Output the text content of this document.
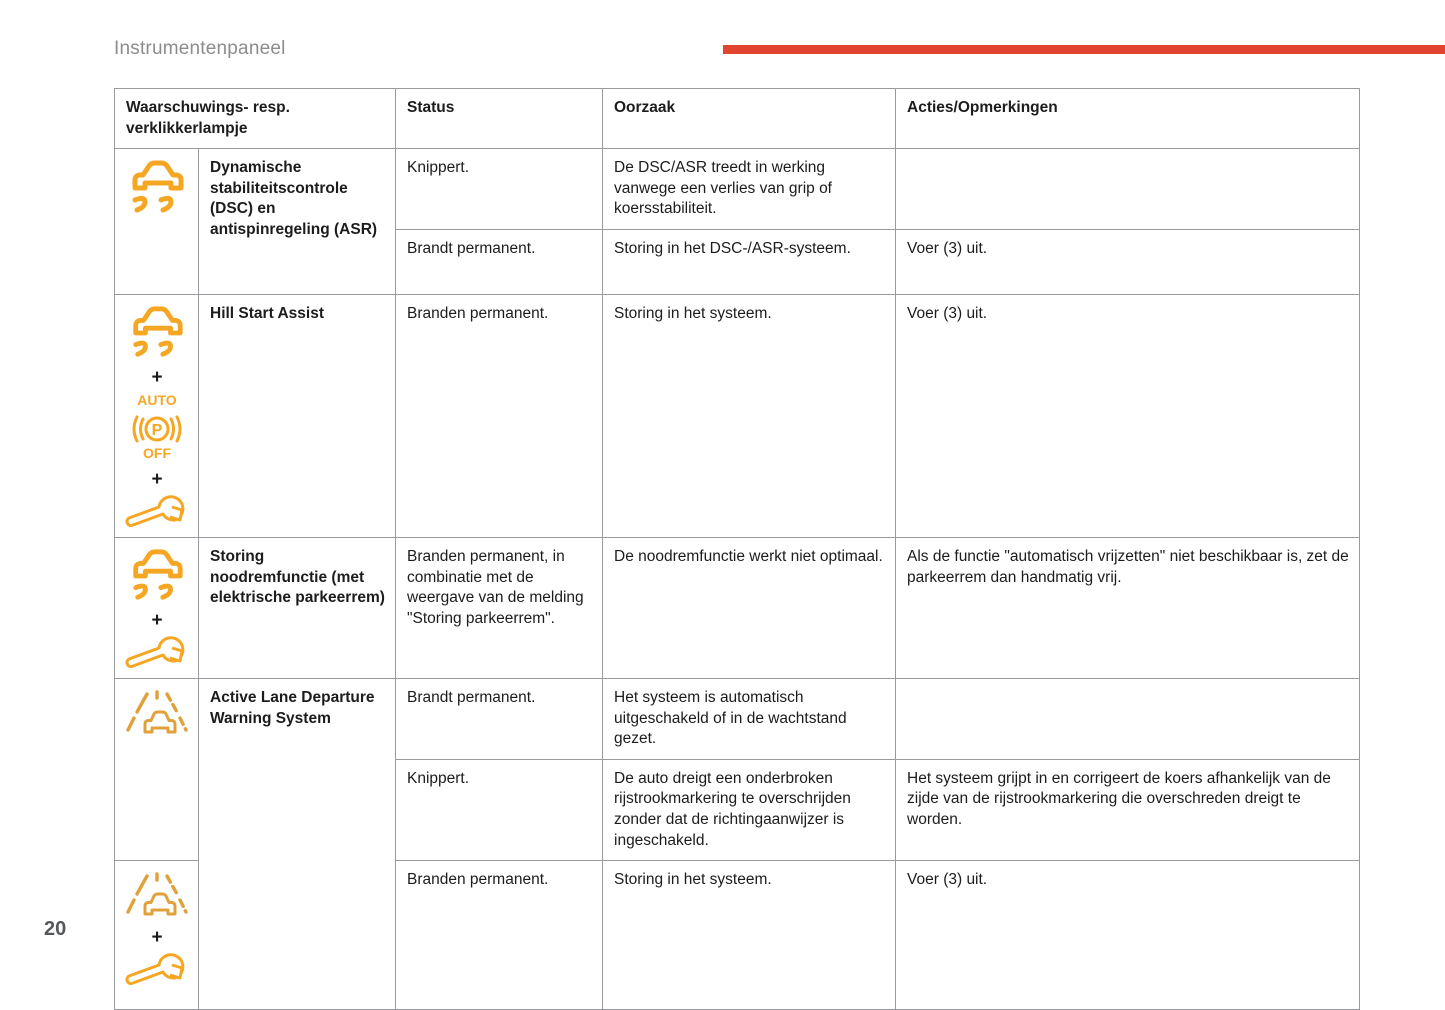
Instrumentenpaneel
Waarschuwings- resp. verklikkerlampje		Status	Oorzaak	Acties/Opmerkingen

	Dynamische stabiliteitscontrole (DSC) en antispinregeling (ASR)	Knippert.	De DSC/ASR treedt in werking vanwege een verlies van grip of koersstabiliteit.	
		Brandt permanent.	Storing in het DSC-/ASR-systeem.	Voer (3) uit.

+
AUTO
P
OFF
+	Hill Start Assist	Branden permanent.	Storing in het systeem.	Voer (3) uit.

+	Storing noodremfunctie (met elektrische parkeerrem)	Branden permanent, in combinatie met de weergave van de melding "Storing parkeerrem".	De noodremfunctie werkt niet optimaal.	Als de functie "automatisch vrijzetten" niet beschikbaar is, zet de parkeerrem dan handmatig vrij.

	Active Lane Departure Warning System	Brandt permanent.	Het systeem is automatisch uitgeschakeld of in de wachtstand gezet.	
		Knippert.	De auto dreigt een onderbroken rijstrookmarkering te overschrijden zonder dat de richtingaanwijzer is ingeschakeld.	Het systeem grijpt in en corrigeert de koers afhankelijk van de zijde van de rijstrookmarkering die overschreden dreigt te worden.

+		Branden permanent.	Storing in het systeem.	Voer (3) uit.
20
